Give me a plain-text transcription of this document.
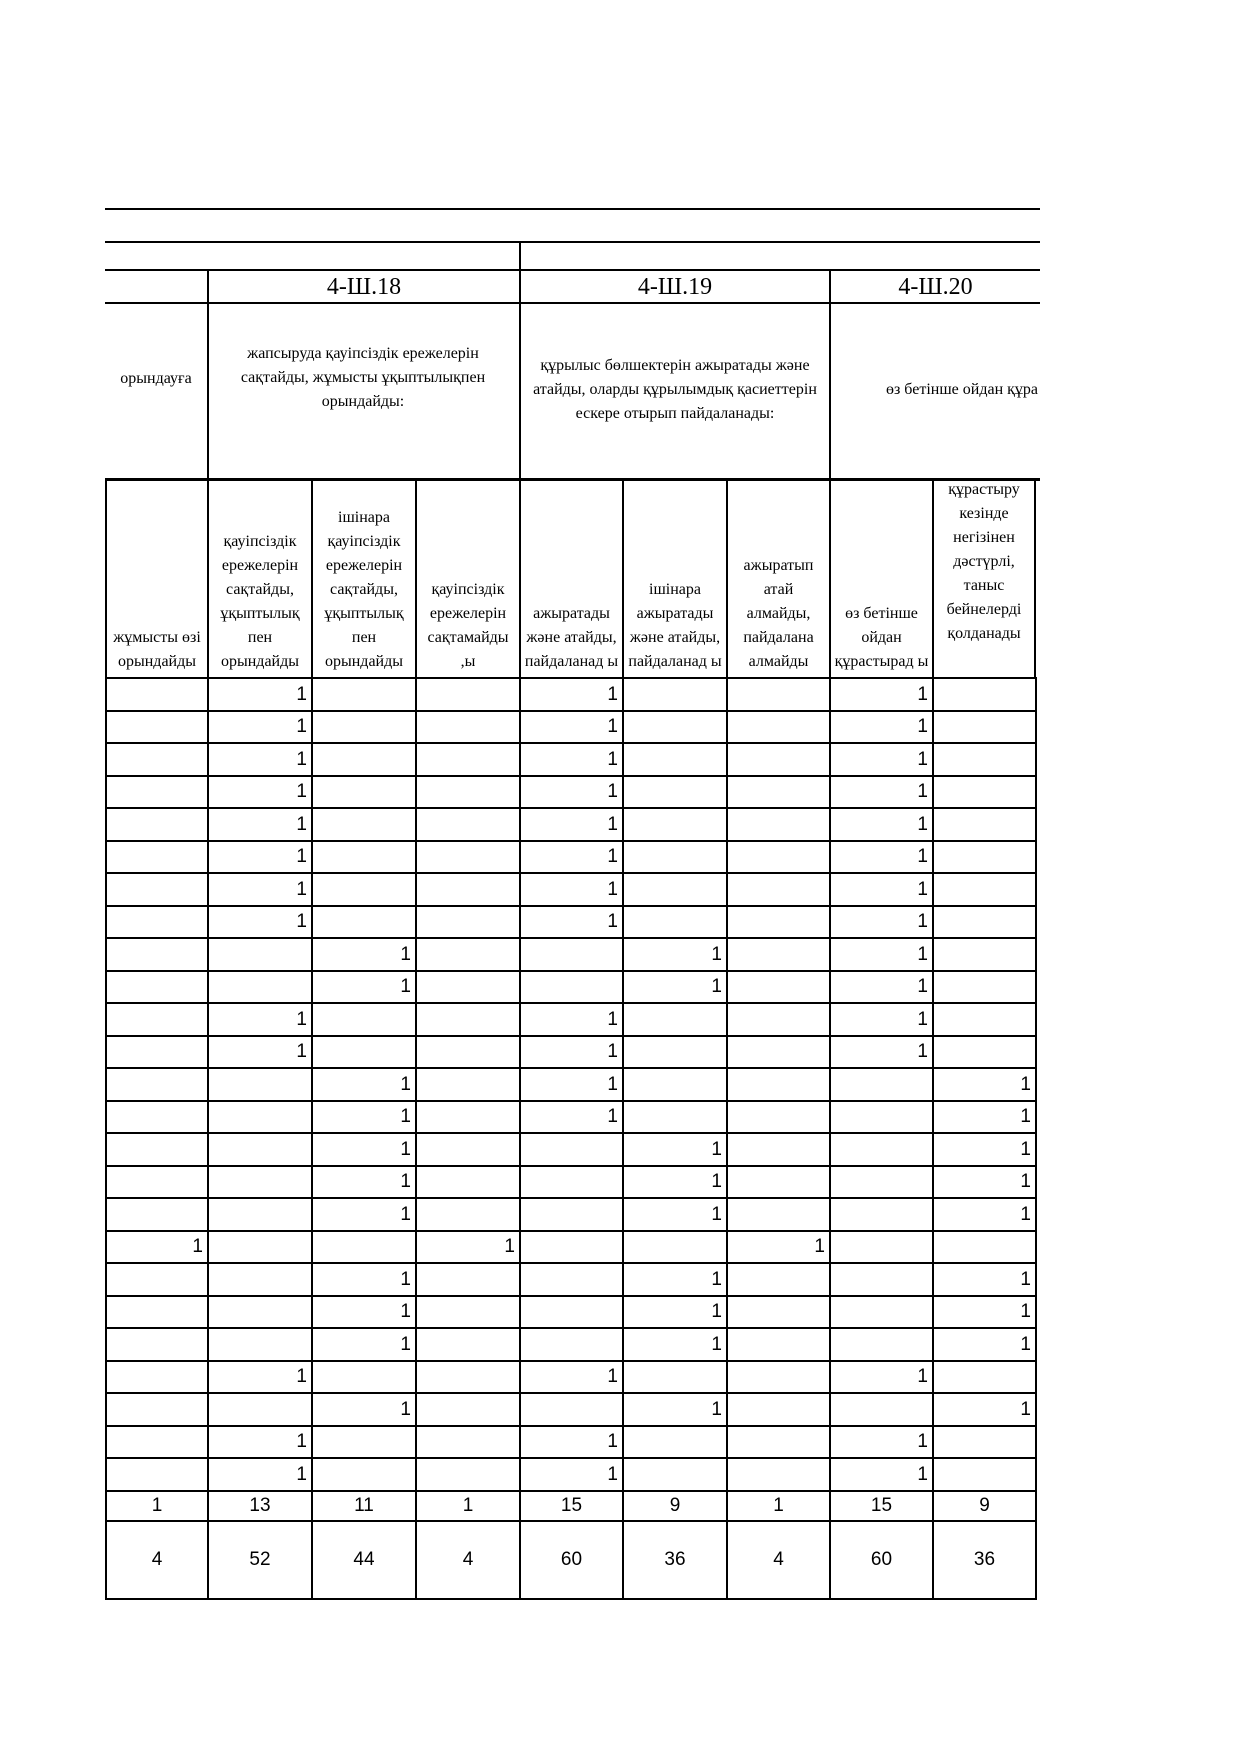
4-Ш.18	4-Ш.19	4-Ш.20
орындауға
жапсыруда қауіпсіздік ережелерін сақтайды, жұмысты ұқыптылықпен орындайды:
құрылыс бөлшектерін ажыратады және атайды, оларды құрылымдық қасиеттерін ескере отырып пайдаланады:
өз бетінше ойдан құра
жұмысты өзі орындайды
қауіпсіздік ережелерін сақтайды, ұқыптылық пен орындайды
ішінара қауіпсіздік ережелерін сақтайды, ұқыптылық пен орындайды
қауіпсіздік ережелерін сақтамайды ,ы
ажыратады және атайды, пайдаланад ы
ішінара ажыратады және атайды, пайдаланад ы
ажыратып атай алмайды, пайдалана алмайды
өз бетінше ойдан құрастырад ы
құрастыру кезінде негізінен дәстүрлі, таныс бейнелерді қолданады
	1			1			1	
	1			1			1	
	1			1			1	
	1			1			1	
	1			1			1	
	1			1			1	
	1			1			1	
	1			1			1	
		1			1		1	
		1			1		1	
	1			1			1	
	1			1			1	
		1		1				1
		1		1				1
		1			1			1
		1			1			1
		1			1			1
1			1			1		
		1			1			1
		1			1			1
		1			1			1
	1			1			1	
		1			1			1
	1			1			1	
	1			1			1	
1	13	11	1	15	9	1	15	9
4	52	44	4	60	36	4	60	36
